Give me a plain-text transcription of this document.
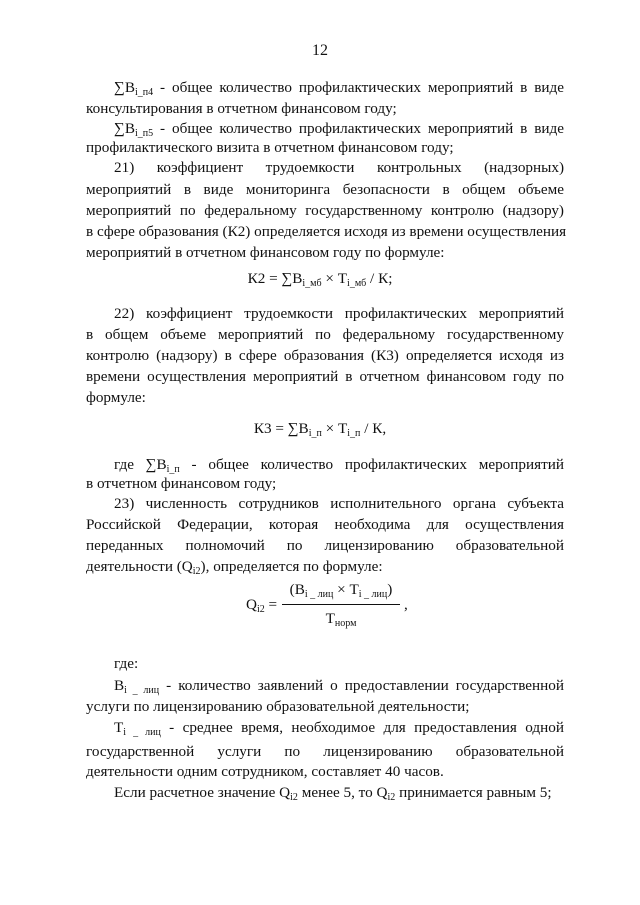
12
$\sum B_{i\_п4}$ - общее количество профилактических мероприятий в виде
консультирования в отчетном финансовом году;
$\sum B_{i\_п5}$ - общее количество профилактических мероприятий в виде
профилактического визита в отчетном финансовом году;
21) коэффициент трудоемкости контрольных (надзорных)
мероприятий в виде мониторинга безопасности в общем объеме
мероприятий по федеральному государственному контролю (надзору)
в сфере образования (К2) определяется исходя из времени осуществления
мероприятий в отчетном финансовом году по формуле:
$К2 = \sum B_{i\_мб} \times T_{i\_мб} / К$;
22) коэффициент трудоемкости профилактических мероприятий
в общем объеме мероприятий по федеральному государственному
контролю (надзору) в сфере образования (К3) определяется исходя из
времени осуществления мероприятий в отчетном финансовом году по
формуле:
$К3 = \sum B_{i\_п} \times T_{i\_п} / К$,
где $\sum B_{i\_п}$ - общее количество профилактических мероприятий
в отчетном финансовом году;
23) численность сотрудников исполнительного органа субъекта
Российской Федерации, которая необходима для осуществления
переданных полномочий по лицензированию образовательной
деятельности $(Q_{i2})$, определяется по формуле:
$Q_{i2}$ =
$(B_{i \_ лиц} \times T_{i \_ лиц})$
$T_{норм}$
,
где:
$B_{i \_ лиц}$ - количество заявлений о предоставлении государственной
услуги по лицензированию образовательной деятельности;
$T_{i \_ лиц}$ - среднее время, необходимое для предоставления одной
государственной услуги по лицензированию образовательной
деятельности одним сотрудником, составляет 40 часов.
Если расчетное значение $Q_{i2}$ менее 5, то $Q_{i2}$ принимается равным 5;
